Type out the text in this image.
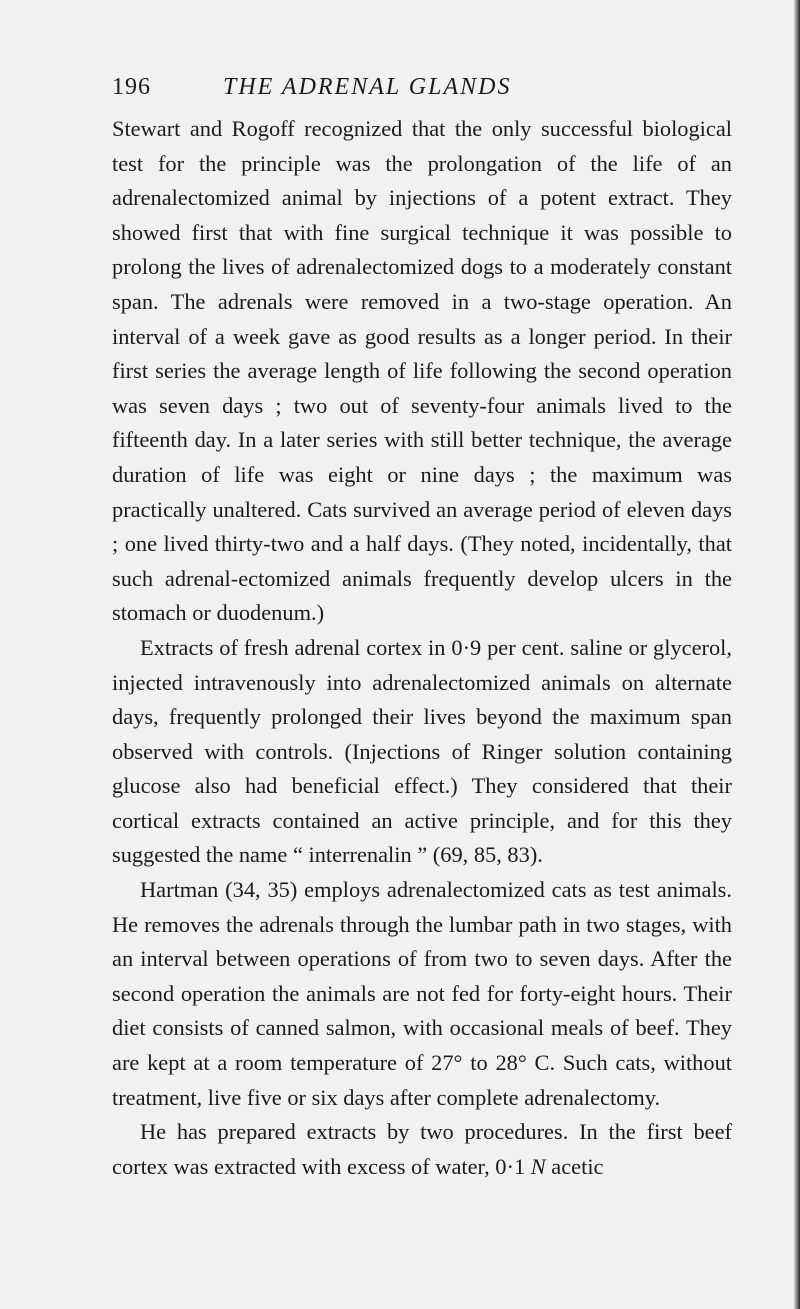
196	THE ADRENAL GLANDS

Stewart and Rogoff recognized that the only successful biological test for the principle was the prolongation of the life of an adrenalectomized animal by injections of a potent extract. They showed first that with fine surgical technique it was possible to prolong the lives of adrenalectomized dogs to a moderately constant span. The adrenals were removed in a two-stage operation. An interval of a week gave as good results as a longer period. In their first series the average length of life following the second operation was seven days ; two out of seventy-four animals lived to the fifteenth day. In a later series with still better technique, the average duration of life was eight or nine days ; the maximum was practically unaltered. Cats survived an average period of eleven days ; one lived thirty-two and a half days. (They noted, incidentally, that such adrenal-ectomized animals frequently develop ulcers in the stomach or duodenum.)

Extracts of fresh adrenal cortex in 0·9 per cent. saline or glycerol, injected intravenously into adrenalectomized animals on alternate days, frequently prolonged their lives beyond the maximum span observed with controls. (Injections of Ringer solution containing glucose also had beneficial effect.) They considered that their cortical extracts contained an active principle, and for this they suggested the name “ interrenalin ” (69, 85, 83).

Hartman (34, 35) employs adrenalectomized cats as test animals. He removes the adrenals through the lumbar path in two stages, with an interval between operations of from two to seven days. After the second operation the animals are not fed for forty-eight hours. Their diet consists of canned salmon, with occasional meals of beef. They are kept at a room temperature of 27° to 28° C. Such cats, without treatment, live five or six days after complete adrenalectomy.

He has prepared extracts by two procedures. In the first beef cortex was extracted with excess of water, 0·1 N acetic
